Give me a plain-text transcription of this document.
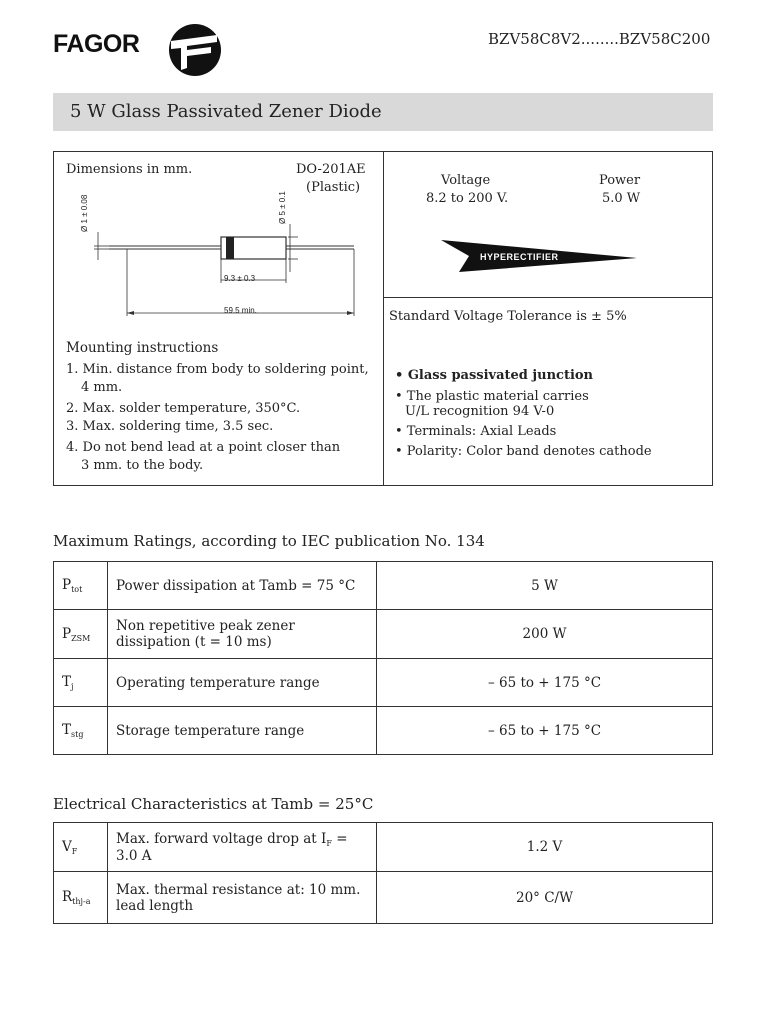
FAGOR	BZV58C8V2........BZV58C200
5 W Glass Passivated Zener Diode
Dimensions in mm.	DO-201AE
(Plastic)
Ø 1 ± 0.08	Ø 5 ± 0.1
9.3 ± 0.3
59.5 min.
Mounting instructions
1. Min. distance from body to soldering point,
4 mm.
2. Max. solder temperature, 350°C.
3. Max. soldering time, 3.5 sec.
4. Do not bend lead at a point closer than
3 mm. to the body.
Voltage
8.2 to 200 V.
Power
5.0 W
HYPERECTIFIER
Standard Voltage Tolerance is ± 5%
• Glass passivated junction
• The plastic material carries
U/L recognition 94 V-0
• Terminals: Axial Leads
• Polarity: Color band denotes cathode
Maximum Ratings, according to IEC publication No. 134
$P_{tot}$	Power dissipation at Tamb = 75 °C	5 W
$P_{ZSM}$	Non repetitive peak zener
dissipation (t = 10 ms)	200 W
$T_j$	Operating temperature range	– 65 to + 175 °C
$T_{stg}$	Storage temperature range	– 65 to + 175 °C
Electrical Characteristics at Tamb = 25°C
$V_F$	Max. forward voltage drop at $I_F = 3.0$ A	1.2 V
$R_{thj-a}$	Max. thermal resistance at: 10 mm.
lead length	20° C/W
